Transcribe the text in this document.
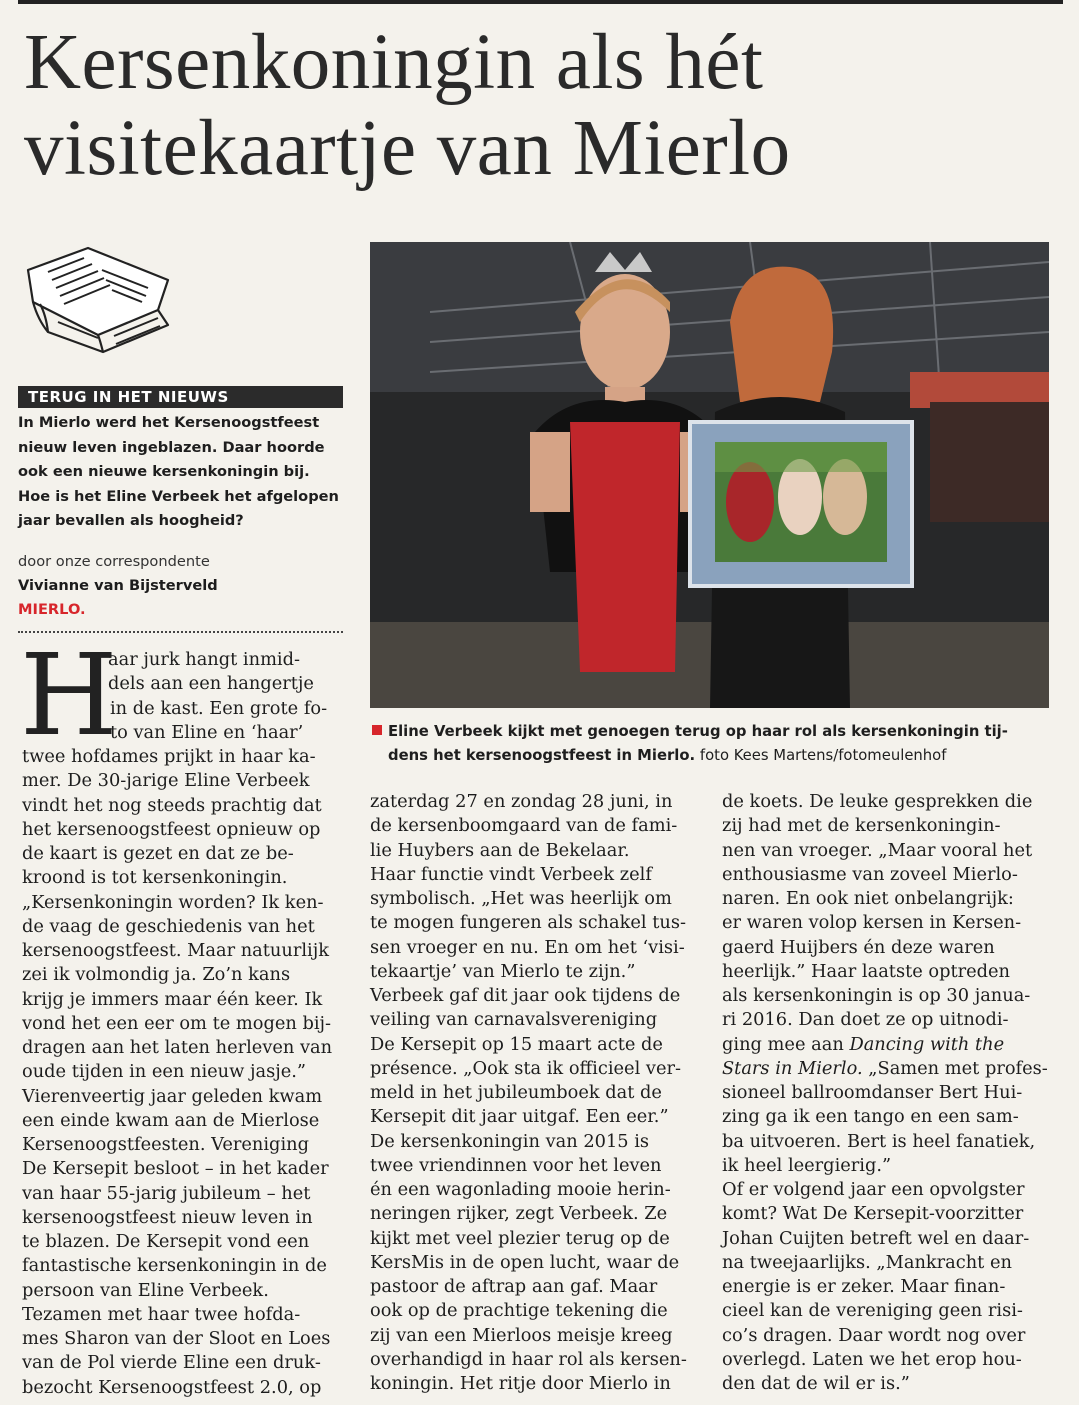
Kersenkoningin als hét
visitekaartje van Mierlo
TERUG IN HET NIEUWS
In Mierlo werd het Kersenoogstfeest
nieuw leven ingeblazen. Daar hoorde
ook een nieuwe kersenkoningin bij.
Hoe is het Eline Verbeek het afgelopen
jaar bevallen als hoogheid?
door onze correspondente
Vivianne van Bijsterveld
MIERLO.
Eline Verbeek kijkt met genoegen terug op haar rol als kersenkoningin tij-
dens het kersenoogstfeest in Mierlo. foto Kees Martens/fotomeulenhof
H
aar jurk hangt inmid-
dels aan een hangertje
in de kast. Een grote fo-
to van Eline en ‘haar’
twee hofdames prijkt in haar ka-
mer. De 30-jarige Eline Verbeek
vindt het nog steeds prachtig dat
het kersenoogstfeest opnieuw op
de kaart is gezet en dat ze be-
kroond is tot kersenkoningin.
„Kersenkoningin worden? Ik ken-
de vaag de geschiedenis van het
kersenoogstfeest. Maar natuurlijk
zei ik volmondig ja. Zo’n kans
krijg je immers maar één keer. Ik
vond het een eer om te mogen bij-
dragen aan het laten herleven van
oude tijden in een nieuw jasje.”
Vierenveertig jaar geleden kwam
een einde kwam aan de Mierlose
Kersenoogstfeesten. Vereniging
De Kersepit besloot – in het kader
van haar 55-jarig jubileum – het
kersenoogstfeest nieuw leven in
te blazen. De Kersepit vond een
fantastische kersenkoningin in de
persoon van Eline Verbeek.
Tezamen met haar twee hofda-
mes Sharon van der Sloot en Loes
van de Pol vierde Eline een druk-
bezocht Kersenoogstfeest 2.0, op
zaterdag 27 en zondag 28 juni, in
de kersenboomgaard van de fami-
lie Huybers aan de Bekelaar.
Haar functie vindt Verbeek zelf
symbolisch. „Het was heerlijk om
te mogen fungeren als schakel tus-
sen vroeger en nu. En om het ‘visi-
tekaartje’ van Mierlo te zijn.”
Verbeek gaf dit jaar ook tijdens de
veiling van carnavalsvereniging
De Kersepit op 15 maart acte de
présence. „Ook sta ik officieel ver-
meld in het jubileumboek dat de
Kersepit dit jaar uitgaf. Een eer.”
De kersenkoningin van 2015 is
twee vriendinnen voor het leven
én een wagonlading mooie herin-
neringen rijker, zegt Verbeek. Ze
kijkt met veel plezier terug op de
KersMis in de open lucht, waar de
pastoor de aftrap aan gaf. Maar
ook op de prachtige tekening die
zij van een Mierloos meisje kreeg
overhandigd in haar rol als kersen-
koningin. Het ritje door Mierlo in
de koets. De leuke gesprekken die
zij had met de kersenkoningin-
nen van vroeger. „Maar vooral het
enthousiasme van zoveel Mierlo-
naren. En ook niet onbelangrijk:
er waren volop kersen in Kersen-
gaerd Huijbers én deze waren
heerlijk.” Haar laatste optreden
als kersenkoningin is op 30 janua-
ri 2016. Dan doet ze op uitnodi-
ging mee aan Dancing with the
Stars in Mierlo. „Samen met profes-
sioneel ballroomdanser Bert Hui-
zing ga ik een tango en een sam-
ba uitvoeren. Bert is heel fanatiek,
ik heel leergierig.”
Of er volgend jaar een opvolgster
komt? Wat De Kersepit-voorzitter
Johan Cuijten betreft wel en daar-
na tweejaarlijks. „Mankracht en
energie is er zeker. Maar finan-
cieel kan de vereniging geen risi-
co’s dragen. Daar wordt nog over
overlegd. Laten we het erop hou-
den dat de wil er is.”
